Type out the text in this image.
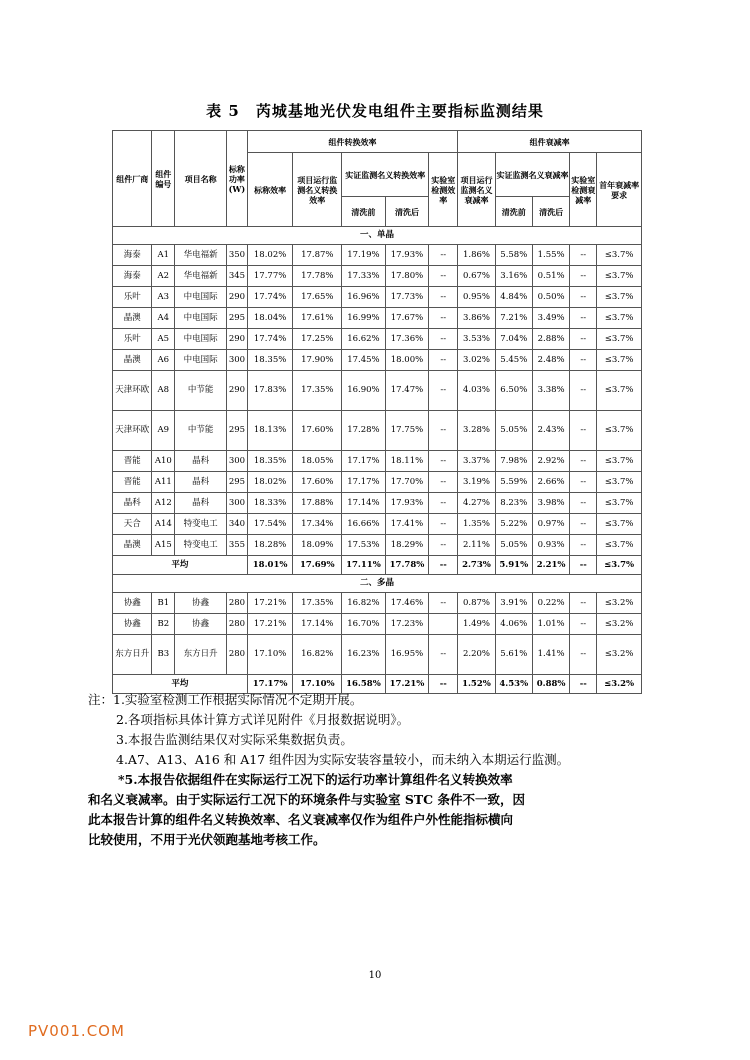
表 5　芮城基地光伏发电组件主要指标监测结果
组件厂商	组件编号	项目名称	标称功率(W)	组件转换效率					组件衰减率				
				标称效率	项目运行监测名义转换效率	实证监测名义转换效率		实验室检测效率	项目运行监测名义衰减率	实证监测名义衰减率		实验室检测衰减率	首年衰减率要求
						清洗前	清洗后			清洗前	清洗后		
一、单晶													
海泰	A1	华电福新	350	18.02%	17.87%	17.19%	17.93%	--	1.86%	5.58%	1.55%	--	≤3.7%
海泰	A2	华电福新	345	17.77%	17.78%	17.33%	17.80%	--	0.67%	3.16%	0.51%	--	≤3.7%
乐叶	A3	中电国际	290	17.74%	17.65%	16.96%	17.73%	--	0.95%	4.84%	0.50%	--	≤3.7%
晶澳	A4	中电国际	295	18.04%	17.61%	16.99%	17.67%	--	3.86%	7.21%	3.49%	--	≤3.7%
乐叶	A5	中电国际	290	17.74%	17.25%	16.62%	17.36%	--	3.53%	7.04%	2.88%	--	≤3.7%
晶澳	A6	中电国际	300	18.35%	17.90%	17.45%	18.00%	--	3.02%	5.45%	2.48%	--	≤3.7%
天津环欧	A8	中节能	290	17.83%	17.35%	16.90%	17.47%	--	4.03%	6.50%	3.38%	--	≤3.7%
天津环欧	A9	中节能	295	18.13%	17.60%	17.28%	17.75%	--	3.28%	5.05%	2.43%	--	≤3.7%
晋能	A10	晶科	300	18.35%	18.05%	17.17%	18.11%	--	3.37%	7.98%	2.92%	--	≤3.7%
晋能	A11	晶科	295	18.02%	17.60%	17.17%	17.70%	--	3.19%	5.59%	2.66%	--	≤3.7%
晶科	A12	晶科	300	18.33%	17.88%	17.14%	17.93%	--	4.27%	8.23%	3.98%	--	≤3.7%
天合	A14	特变电工	340	17.54%	17.34%	16.66%	17.41%	--	1.35%	5.22%	0.97%	--	≤3.7%
晶澳	A15	特变电工	355	18.28%	18.09%	17.53%	18.29%	--	2.11%	5.05%	0.93%	--	≤3.7%
平均				18.01%	17.69%	17.11%	17.78%	--	2.73%	5.91%	2.21%	--	≤3.7%
二、多晶													
协鑫	B1	协鑫	280	17.21%	17.35%	16.82%	17.46%	--	0.87%	3.91%	0.22%	--	≤3.2%
协鑫	B2	协鑫	280	17.21%	17.14%	16.70%	17.23%		1.49%	4.06%	1.01%	--	≤3.2%
东方日升	B3	东方日升	280	17.10%	16.82%	16.23%	16.95%	--	2.20%	5.61%	1.41%	--	≤3.2%
平均				17.17%	17.10%	16.58%	17.21%	--	1.52%	4.53%	0.88%	--	≤3.2%
注：1.实验室检测工作根据实际情况不定期开展。
2.各项指标具体计算方式详见附件《月报数据说明》。
3.本报告监测结果仅对实际采集数据负责。
4.A7、A13、A16 和 A17 组件因为实际安装容量较小，而未纳入本期运行监测。
*5.本报告依据组件在实际运行工况下的运行功率计算组件名义转换效率
和名义衰减率。由于实际运行工况下的环境条件与实验室 STC 条件不一致，因
此本报告计算的组件名义转换效率、名义衰减率仅作为组件户外性能指标横向
比较使用，不用于光伏领跑基地考核工作。
10
PV001.COM
